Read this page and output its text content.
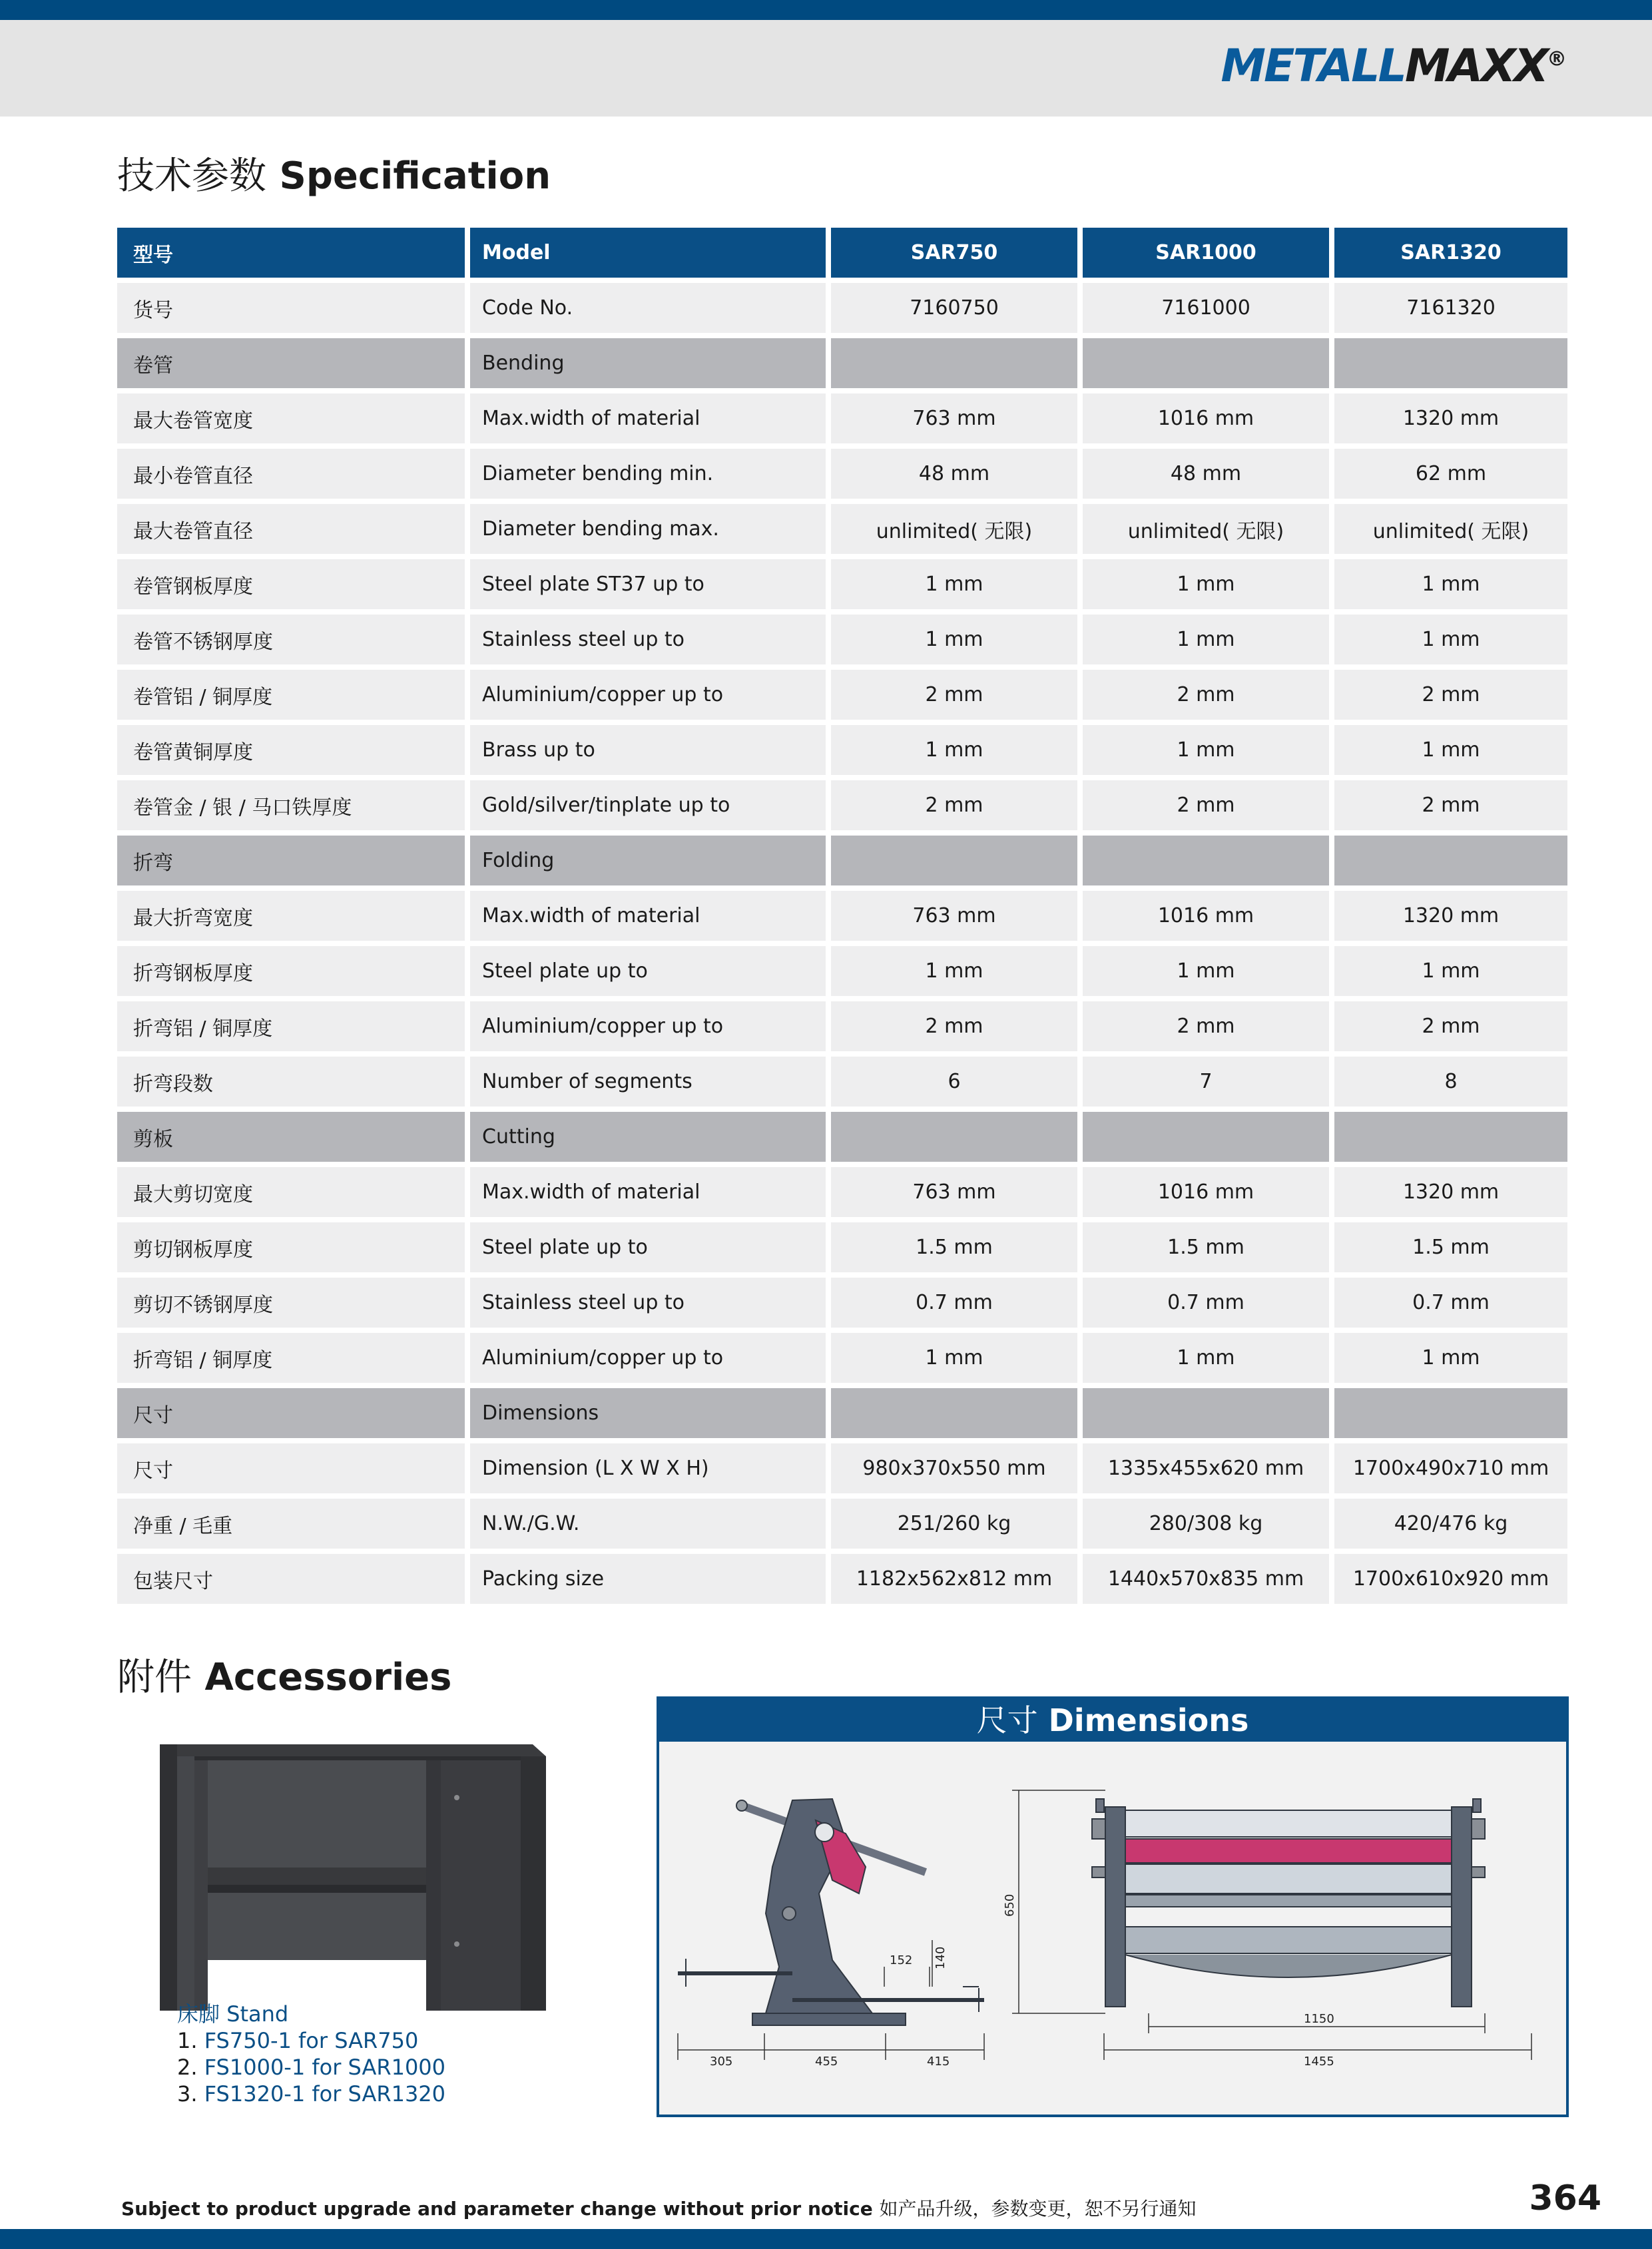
METALLMAXX®
技术参数 Specification
型号	Model	SAR750	SAR1000	SAR1320
货号	Code No.	7160750	7161000	7161320
卷管	Bending			
最大卷管宽度	Max.width of material	763 mm	1016 mm	1320 mm
最小卷管直径	Diameter bending min.	48 mm	48 mm	62 mm
最大卷管直径	Diameter bending max.	unlimited( 无限)	unlimited( 无限)	unlimited( 无限)
卷管钢板厚度	Steel plate ST37 up to	1 mm	1 mm	1 mm
卷管不锈钢厚度	Stainless steel up to	1 mm	1 mm	1 mm
卷管铝 / 铜厚度	Aluminium/copper up to	2 mm	2 mm	2 mm
卷管黄铜厚度	Brass up to	1 mm	1 mm	1 mm
卷管金 / 银 / 马口铁厚度	Gold/silver/tinplate up to	2 mm	2 mm	2 mm
折弯	Folding			
最大折弯宽度	Max.width of material	763 mm	1016 mm	1320 mm
折弯钢板厚度	Steel plate up to	1 mm	1 mm	1 mm
折弯铝 / 铜厚度	Aluminium/copper up to	2 mm	2 mm	2 mm
折弯段数	Number of segments	6	7	8
剪板	Cutting			
最大剪切宽度	Max.width of material	763 mm	1016 mm	1320 mm
剪切钢板厚度	Steel plate up to	1.5 mm	1.5 mm	1.5 mm
剪切不锈钢厚度	Stainless steel up to	0.7 mm	0.7 mm	0.7 mm
折弯铝 / 铜厚度	Aluminium/copper up to	1 mm	1 mm	1 mm
尺寸	Dimensions			
尺寸	Dimension (L X W X H)	980x370x550 mm	1335x455x620 mm	1700x490x710 mm
净重 / 毛重	N.W./G.W.	251/260 kg	280/308 kg	420/476 kg
包装尺寸	Packing size	1182x562x812 mm	1440x570x835 mm	1700x610x920 mm
附件 Accessories
床脚 Stand
1. FS750-1 for SAR750
2. FS1000-1 for SAR1000
3. FS1320-1 for SAR1320
尺寸 Dimensions
305	455	415
152 140
650
1150
1455
Subject to product upgrade and parameter change without prior notice 如产品升级，参数变更，恕不另行通知	364
